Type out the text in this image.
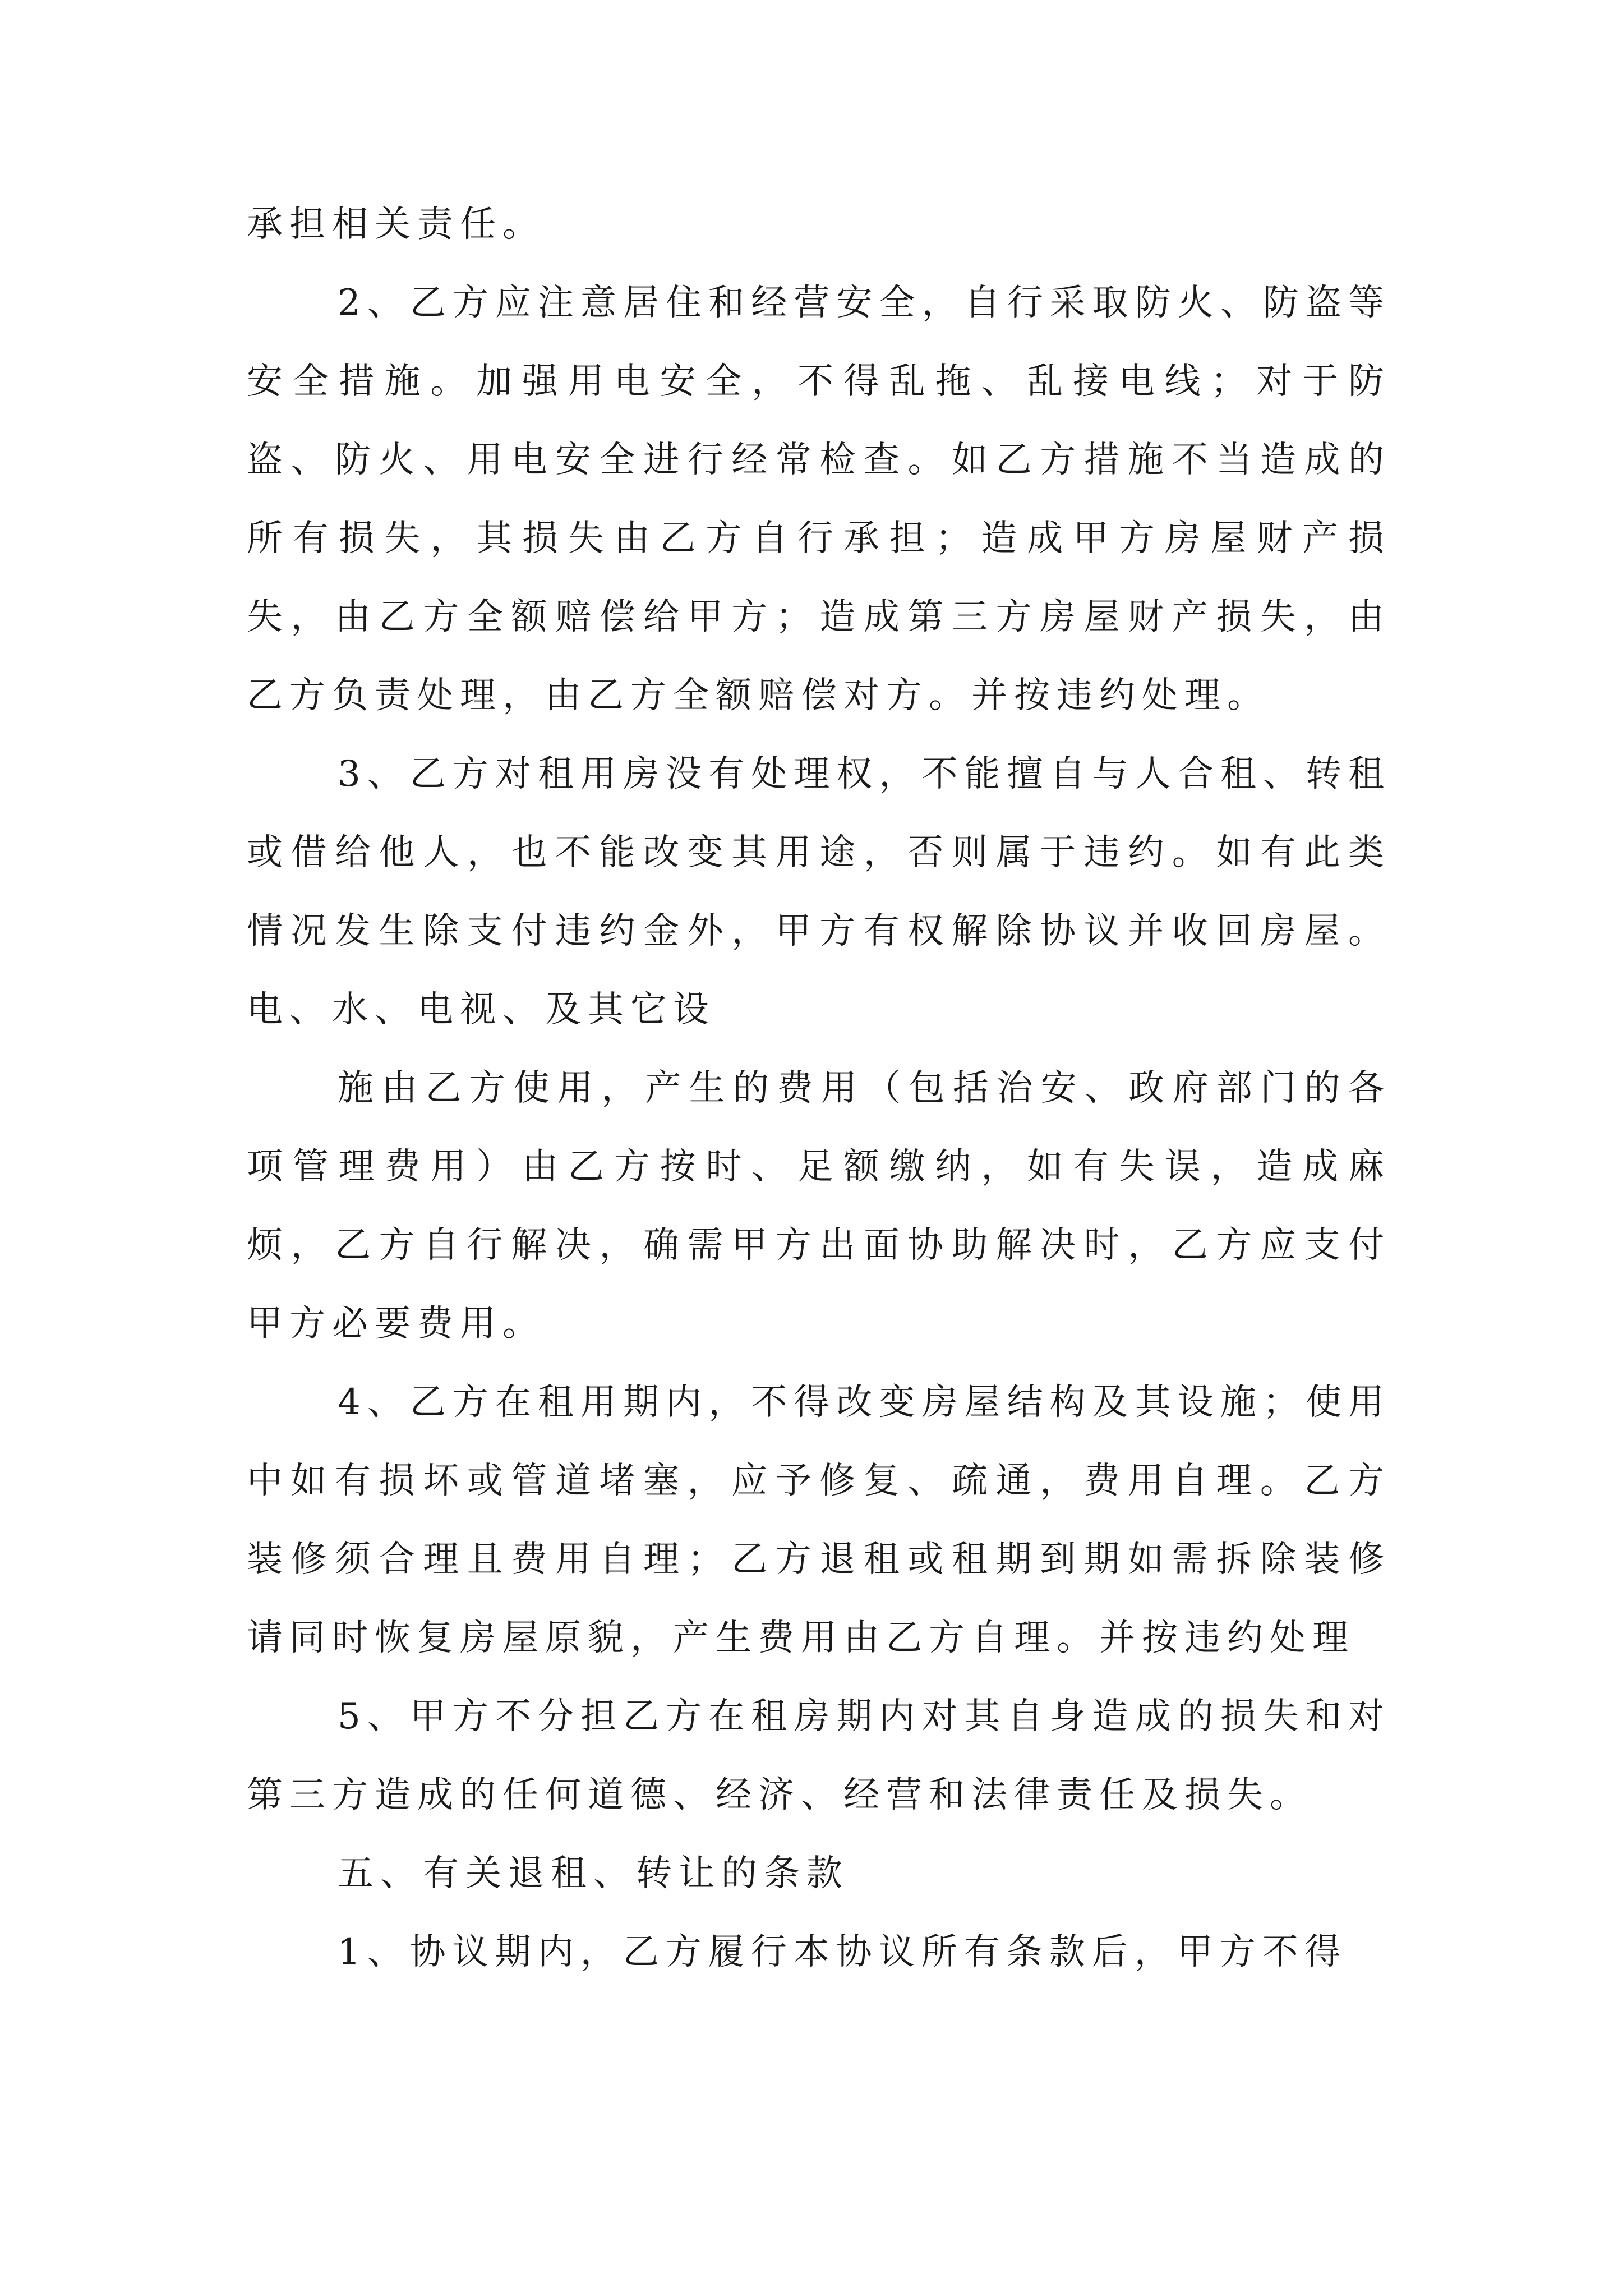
承担相关责任。

2、乙方应注意居住和经营安全，自行采取防火、防盗等安全措施。加强用电安全，不得乱拖、乱接电线；对于防盗、防火、用电安全进行经常检查。如乙方措施不当造成的所有损失，其损失由乙方自行承担；造成甲方房屋财产损失，由乙方全额赔偿给甲方；造成第三方房屋财产损失，由乙方负责处理，由乙方全额赔偿对方。并按违约处理。

3、乙方对租用房没有处理权，不能擅自与人合租、转租或借给他人，也不能改变其用途，否则属于违约。如有此类情况发生除支付违约金外，甲方有权解除协议并收回房屋。电、水、电视、及其它设

施由乙方使用，产生的费用（包括治安、政府部门的各项管理费用）由乙方按时、足额缴纳，如有失误，造成麻烦，乙方自行解决，确需甲方出面协助解决时，乙方应支付甲方必要费用。

4、乙方在租用期内，不得改变房屋结构及其设施；使用中如有损坏或管道堵塞，应予修复、疏通，费用自理。乙方装修须合理且费用自理；乙方退租或租期到期如需拆除装修请同时恢复房屋原貌，产生费用由乙方自理。并按违约处理

5、甲方不分担乙方在租房期内对其自身造成的损失和对第三方造成的任何道德、经济、经营和法律责任及损失。

五、有关退租、转让的条款

1、协议期内，乙方履行本协议所有条款后，甲方不得
